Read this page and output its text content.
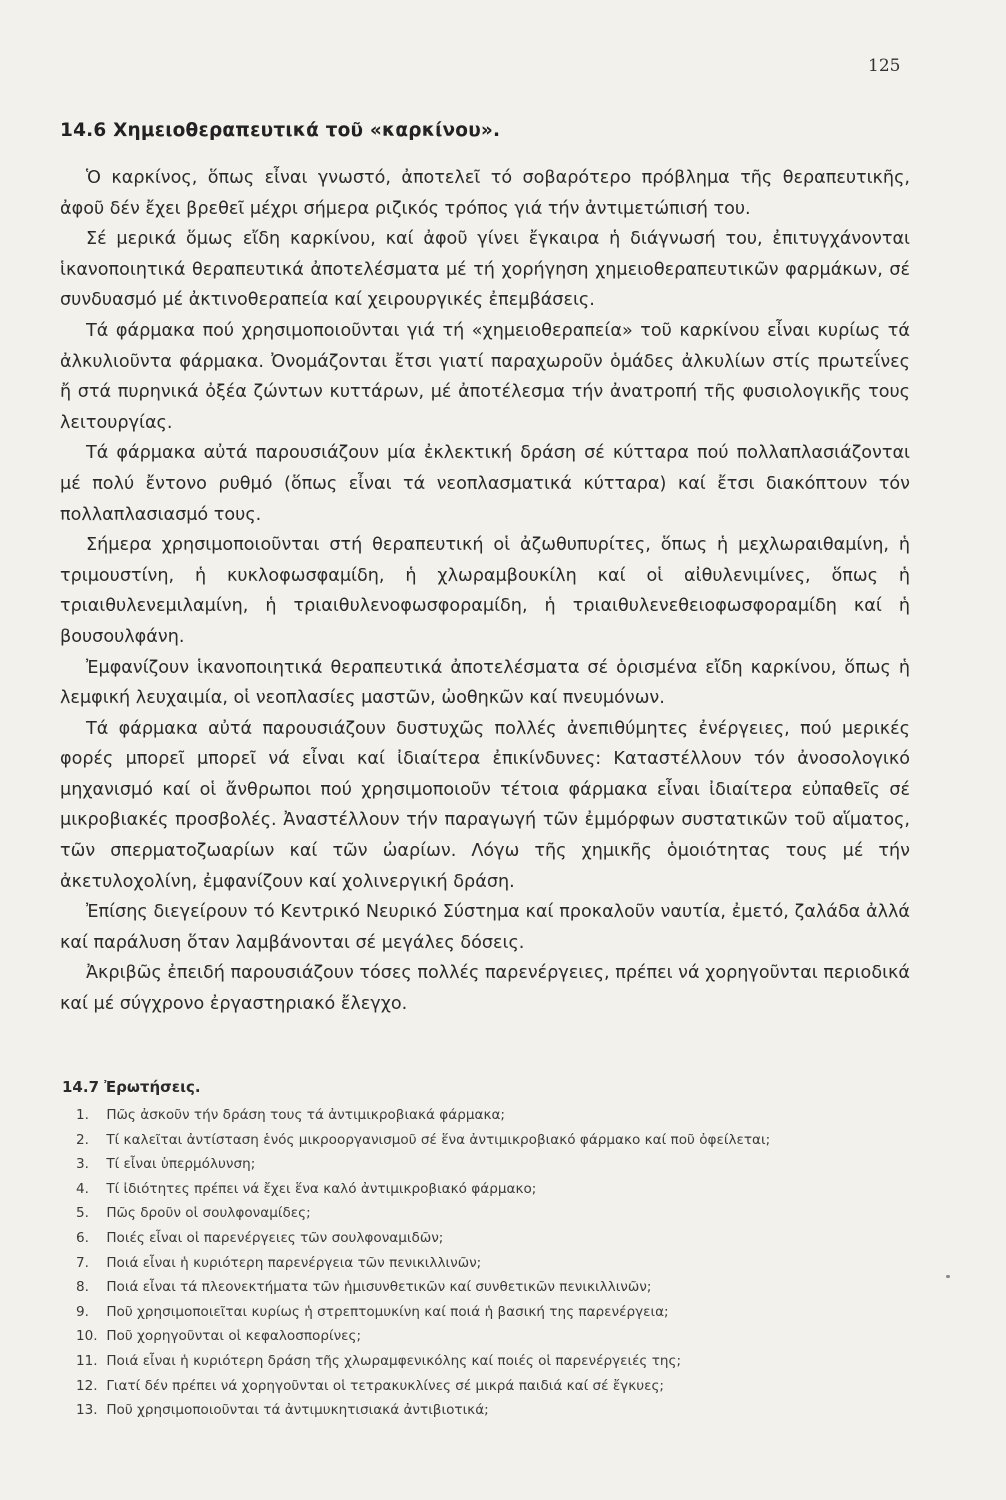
125
14.6 Χημειοθεραπευτικά τοῦ «καρκίνου».

Ὁ καρκίνος, ὅπως εἶναι γνωστό, ἀποτελεῖ τό σοβαρότερο πρόβλημα τῆς θεραπευτικῆς, ἀφοῦ δέν ἔχει βρεθεῖ μέχρι σήμερα ριζικός τρόπος γιά τήν ἀντιμετώπισή του.

Σέ μερικά ὅμως εἴδη καρκίνου, καί ἀφοῦ γίνει ἔγκαιρα ἡ διάγνωσή του, ἐπιτυγχάνονται ἱκανοποιητικά θεραπευτικά ἀποτελέσματα μέ τή χορήγηση χημειοθεραπευτικῶν φαρμάκων, σέ συνδυασμό μέ ἀκτινοθεραπεία καί χειρουργικές ἐπεμβάσεις.

Τά φάρμακα πού χρησιμοποιοῦνται γιά τή «χημειοθεραπεία» τοῦ καρκίνου εἶναι κυρίως τά ἀλκυλιοῦντα φάρμακα. Ὀνομάζονται ἔτσι γιατί παραχωροῦν ὁμάδες ἀλκυλίων στίς πρωτεΐνες ἤ στά πυρηνικά ὀξέα ζώντων κυττάρων, μέ ἀποτέλεσμα τήν ἀνατροπή τῆς φυσιολογικῆς τους λειτουργίας.

Τά φάρμακα αὐτά παρουσιάζουν μία ἐκλεκτική δράση σέ κύτταρα πού πολλαπλασιάζονται μέ πολύ ἔντονο ρυθμό (ὅπως εἶναι τά νεοπλασματικά κύτταρα) καί ἔτσι διακόπτουν τόν πολλαπλασιασμό τους.

Σήμερα χρησιμοποιοῦνται στή θεραπευτική οἱ ἀζωθυπυρίτες, ὅπως ἡ μεχλωραιθαμίνη, ἡ τριμουστίνη, ἡ κυκλοφωσφαμίδη, ἡ χλωραμβουκίλη καί οἱ αἰθυλενιμίνες, ὅπως ἡ τριαιθυλενεμιλαμίνη, ἡ τριαιθυλενοφωσφοραμίδη, ἡ τριαιθυλενεθειοφωσφοραμίδη καί ἡ βουσουλφάνη.

Ἐμφανίζουν ἱκανοποιητικά θεραπευτικά ἀποτελέσματα σέ ὁρισμένα εἴδη καρκίνου, ὅπως ἡ λεμφική λευχαιμία, οἱ νεοπλασίες μαστῶν, ὠοθηκῶν καί πνευμόνων.

Τά φάρμακα αὐτά παρουσιάζουν δυστυχῶς πολλές ἀνεπιθύμητες ἐνέργειες, πού μερικές φορές μπορεῖ μπορεῖ νά εἶναι καί ἰδιαίτερα ἐπικίνδυνες: Καταστέλλουν τόν ἀνοσολογικό μηχανισμό καί οἱ ἄνθρωποι πού χρησιμοποιοῦν τέτοια φάρμακα εἶναι ἰδιαίτερα εὐπαθεῖς σέ μικροβιακές προσβολές. Ἀναστέλλουν τήν παραγωγή τῶν ἐμμόρφων συστατικῶν τοῦ αἵματος, τῶν σπερματοζωαρίων καί τῶν ὠαρίων. Λόγω τῆς χημικῆς ὁμοιότητας τους μέ τήν ἀκετυλοχολίνη, ἐμφανίζουν καί χολινεργική δράση.

Ἐπίσης διεγείρουν τό Κεντρικό Νευρικό Σύστημα καί προκαλοῦν ναυτία, ἐμετό, ζαλάδα ἀλλά καί παράλυση ὅταν λαμβάνονται σέ μεγάλες δόσεις.

Ἀκριβῶς ἐπειδή παρουσιάζουν τόσες πολλές παρενέργειες, πρέπει νά χορηγοῦνται περιοδικά καί μέ σύγχρονο ἐργαστηριακό ἔλεγχο.

14.7 Ἐρωτήσεις.
1. Πῶς ἀσκοῦν τήν δράση τους τά ἀντιμικροβιακά φάρμακα;
2. Τί καλεῖται ἀντίσταση ἑνός μικροοργανισμοῦ σέ ἕνα ἀντιμικροβιακό φάρμακο καί ποῦ ὀφείλεται;
3. Τί εἶναι ὑπερμόλυνση;
4. Τί ἰδιότητες πρέπει νά ἔχει ἕνα καλό ἀντιμικροβιακό φάρμακο;
5. Πῶς δροῦν οἱ σουλφοναμίδες;
6. Ποιές εἶναι οἱ παρενέργειες τῶν σουλφοναμιδῶν;
7. Ποιά εἶναι ἡ κυριότερη παρενέργεια τῶν πενικιλλινῶν;
8. Ποιά εἶναι τά πλεονεκτήματα τῶν ἡμισυνθετικῶν καί συνθετικῶν πενικιλλινῶν;
9. Ποῦ χρησιμοποιεῖται κυρίως ἡ στρεπτομυκίνη καί ποιά ἡ βασική της παρενέργεια;
10. Ποῦ χορηγοῦνται οἱ κεφαλοσπορίνες;
11. Ποιά εἶναι ἡ κυριότερη δράση τῆς χλωραμφενικόλης καί ποιές οἱ παρενέργειές της;
12. Γιατί δέν πρέπει νά χορηγοῦνται οἱ τετρακυκλίνες σέ μικρά παιδιά καί σέ ἔγκυες;
13. Ποῦ χρησιμοποιοῦνται τά ἀντιμυκητισιακά ἀντιβιοτικά;
